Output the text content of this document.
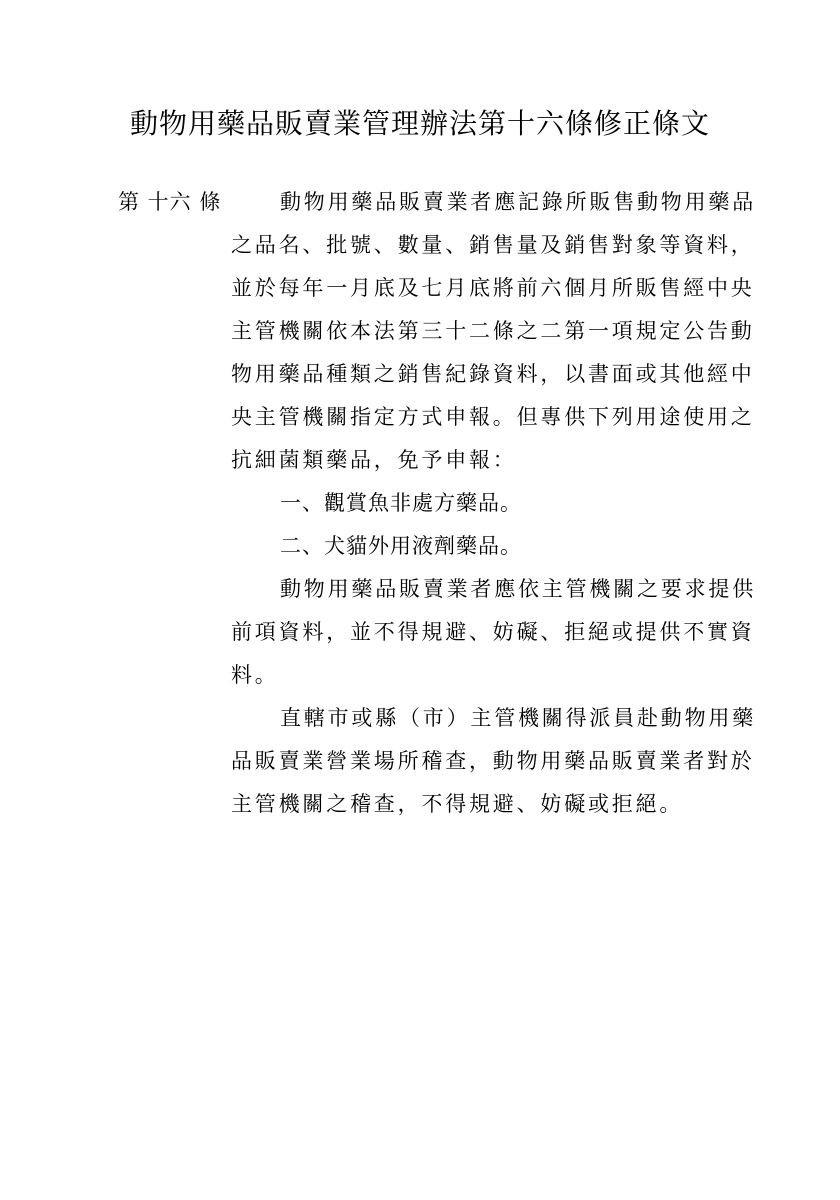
動物用藥品販賣業管理辦法第十六條修正條文
第 十六 條	動物用藥品販賣業者應記錄所販售動物用藥品
之品名、批號、數量、銷售量及銷售對象等資料，
並於每年一月底及七月底將前六個月所販售經中央
主管機關依本法第三十二條之二第一項規定公告動
物用藥品種類之銷售紀錄資料，以書面或其他經中
央主管機關指定方式申報。但專供下列用途使用之
抗細菌類藥品，免予申報：
一、觀賞魚非處方藥品。
二、犬貓外用液劑藥品。
動物用藥品販賣業者應依主管機關之要求提供
前項資料，並不得規避、妨礙、拒絕或提供不實資
料。
直轄市或縣（市）主管機關得派員赴動物用藥
品販賣業營業場所稽查，動物用藥品販賣業者對於
主管機關之稽查，不得規避、妨礙或拒絕。
